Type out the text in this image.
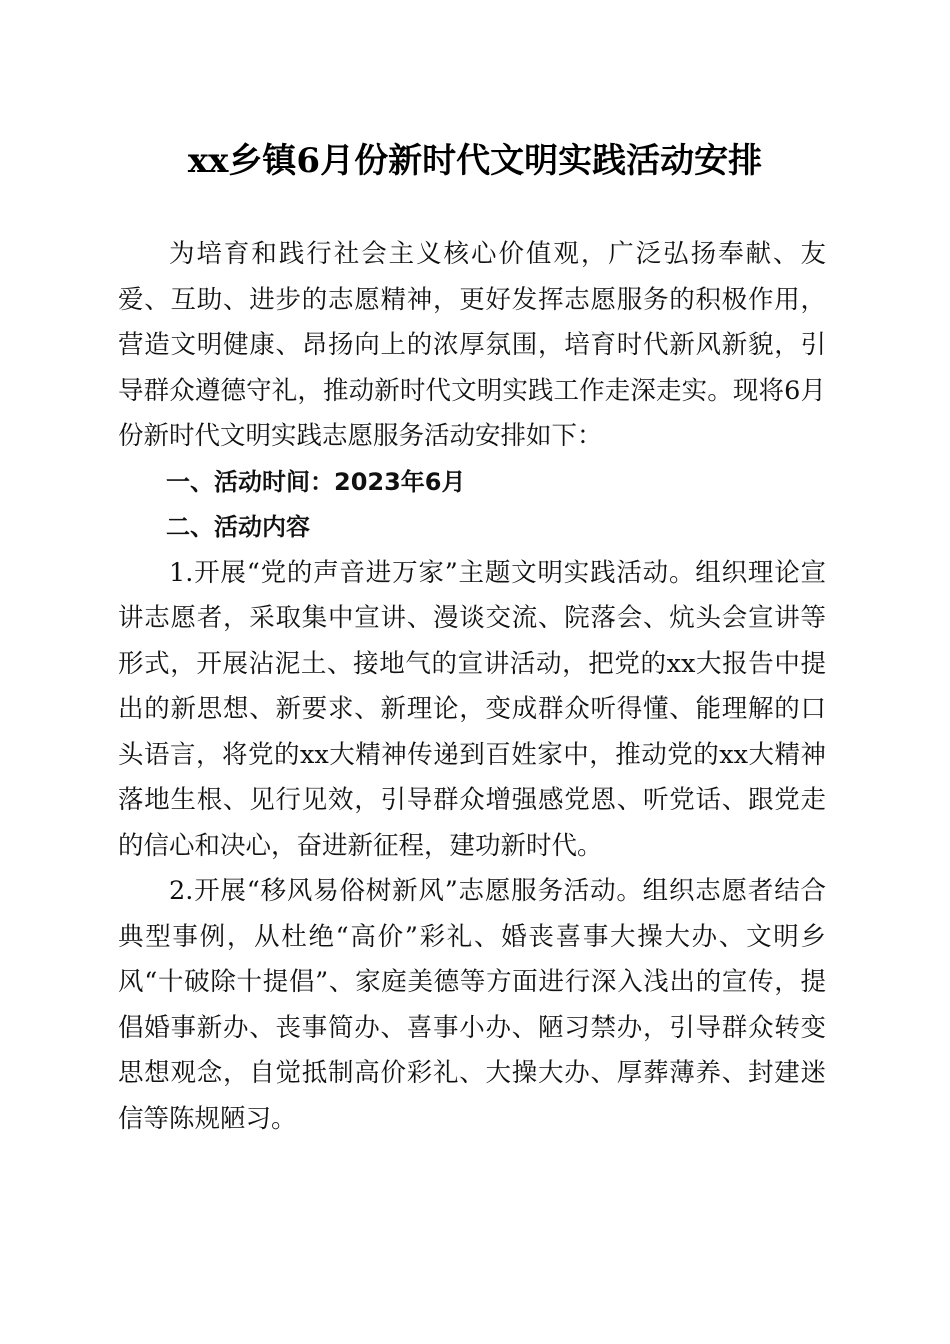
xx乡镇6月份新时代文明实践活动安排

为培育和践行社会主义核心价值观，广泛弘扬奉献、友爱、互助、进步的志愿精神，更好发挥志愿服务的积极作用，营造文明健康、昂扬向上的浓厚氛围，培育时代新风新貌，引导群众遵德守礼，推动新时代文明实践工作走深走实。现将6月份新时代文明实践志愿服务活动安排如下：

一、活动时间：2023年6月

二、活动内容

1.开展“党的声音进万家”主题文明实践活动。组织理论宣讲志愿者，采取集中宣讲、漫谈交流、院落会、炕头会宣讲等形式，开展沾泥土、接地气的宣讲活动，把党的xx大报告中提出的新思想、新要求、新理论，变成群众听得懂、能理解的口头语言，将党的xx大精神传递到百姓家中，推动党的xx大精神落地生根、见行见效，引导群众增强感党恩、听党话、跟党走的信心和决心，奋进新征程，建功新时代。

2.开展“移风易俗树新风”志愿服务活动。组织志愿者结合典型事例，从杜绝“高价”彩礼、婚丧喜事大操大办、文明乡风“十破除十提倡”、家庭美德等方面进行深入浅出的宣传，提倡婚事新办、丧事简办、喜事小办、陋习禁办，引导群众转变思想观念，自觉抵制高价彩礼、大操大办、厚葬薄养、封建迷信等陈规陋习。
